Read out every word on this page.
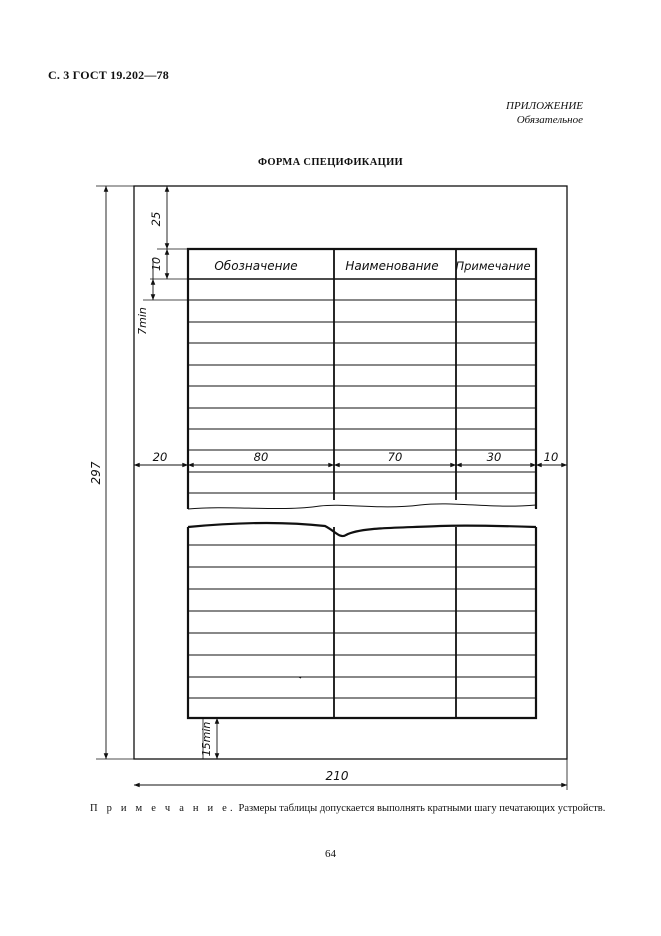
С. 3 ГОСТ 19.202—78
ПРИЛОЖЕНИЕ
Обязательное
ФОРМА СПЕЦИФИКАЦИИ
Обозначение	Наименование Примечание
25
10
7min
20	80	70	30	10
15min
297
210
П р и м е ч а н и е. Размеры таблицы допускается выполнять кратными шагу печатающих устройств.
64
